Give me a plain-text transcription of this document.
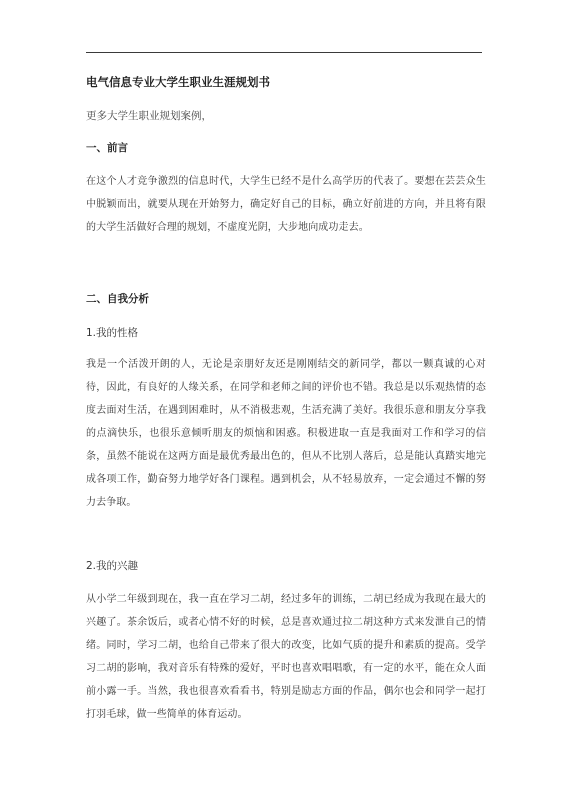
电气信息专业大学生职业生涯规划书
更多大学生职业规划案例，
一、前言
在这个人才竞争激烈的信息时代，大学生已经不是什么高学历的代表了。要想在芸芸众生中脱颖而出，就要从现在开始努力，确定好自己的目标，确立好前进的方向，并且将有限的大学生活做好合理的规划，不虚度光阴，大步地向成功走去。
二、自我分析
1.我的性格
我是一个活泼开朗的人，无论是亲朋好友还是刚刚结交的新同学，都以一颗真诚的心对待，因此，有良好的人缘关系，在同学和老师之间的评价也不错。我总是以乐观热情的态度去面对生活，在遇到困难时，从不消极悲观，生活充满了美好。我很乐意和朋友分享我的点滴快乐，也很乐意倾听朋友的烦恼和困惑。积极进取一直是我面对工作和学习的信条，虽然不能说在这两方面是最优秀最出色的，但从不比别人落后，总是能认真踏实地完成各项工作，勤奋努力地学好各门课程。遇到机会，从不轻易放弃，一定会通过不懈的努力去争取。
2.我的兴趣
从小学二年级到现在，我一直在学习二胡，经过多年的训练，二胡已经成为我现在最大的兴趣了。茶余饭后，或者心情不好的时候，总是喜欢通过拉二胡这种方式来发泄自己的情绪。同时，学习二胡，也给自己带来了很大的改变，比如气质的提升和素质的提高。受学习二胡的影响，我对音乐有特殊的爱好，平时也喜欢唱唱歌，有一定的水平，能在众人面前小露一手。当然，我也很喜欢看看书，特别是励志方面的作品，偶尔也会和同学一起打打羽毛球，做一些简单的体育运动。
